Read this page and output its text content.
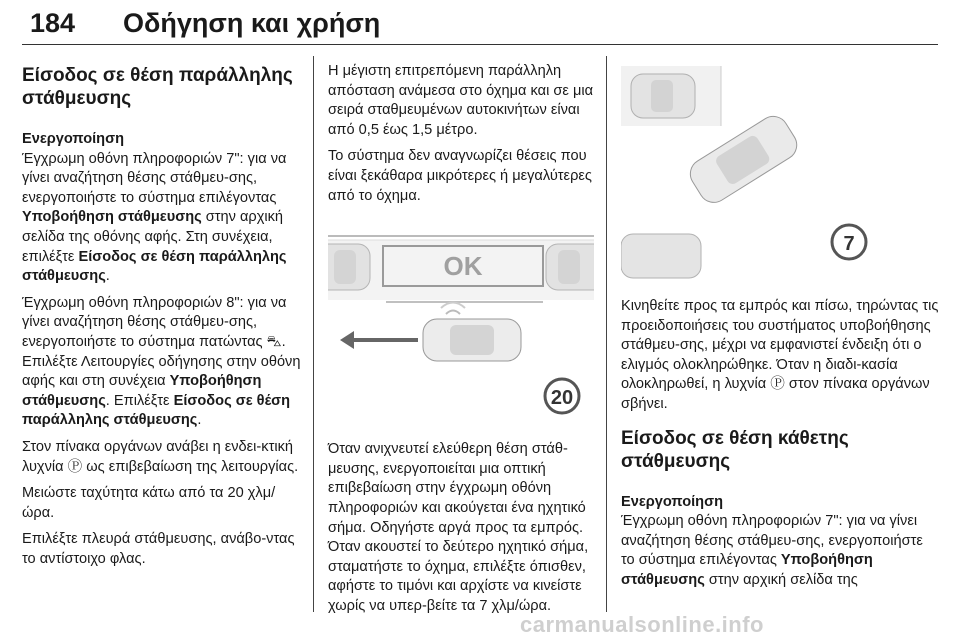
184 Οδήγηση και χρήση
Είσοδος σε θέση παράλληλης στάθμευσης
Ενεργοποίηση

Έγχρωμη οθόνη πληροφοριών 7": για να γίνει αναζήτηση θέσης στάθμευ-σης, ενεργοποιήστε το σύστημα επιλέγοντας Υποβοήθηση στάθμευσης στην αρχική σελίδα της οθόνης αφής. Στη συνέχεια, επιλέξτε Είσοδος σε θέση παράλληλης στάθμευσης.

Έγχρωμη οθόνη πληροφοριών 8": για να γίνει αναζήτηση θέσης στάθμευ-σης, ενεργοποιήστε το σύστημα πατώντας ⛍. Επιλέξτε Λειτουργίες οδήγησης στην οθόνη αφής και στη συνέχεια Υποβοήθηση στάθμευσης. Επιλέξτε Είσοδος σε θέση παράλληλης στάθμευσης.

Στον πίνακα οργάνων ανάβει η ενδει-κτική λυχνία Ⓟ ως επιβεβαίωση της λειτουργίας.

Μειώστε ταχύτητα κάτω από τα 20 χλμ/ώρα.

Επιλέξτε πλευρά στάθμευσης, ανάβο-ντας το αντίστοιχο φλας.

Η μέγιστη επιτρεπόμενη παράλληλη απόσταση ανάμεσα στο όχημα και σε μια σειρά σταθμευμένων αυτοκινήτων είναι από 0,5 έως 1,5 μέτρο.

Το σύστημα δεν αναγνωρίζει θέσεις που είναι ξεκάθαρα μικρότερες ή μεγαλύτερες από το όχημα.

OK
20

Όταν ανιχνευτεί ελεύθερη θέση στάθ-μευσης, ενεργοποιείται μια οπτική επιβεβαίωση στην έγχρωμη οθόνη πληροφοριών και ακούγεται ένα ηχητικό σήμα. Οδηγήστε αργά προς τα εμπρός. Όταν ακουστεί το δεύτερο ηχητικό σήμα, σταματήστε το όχημα, επιλέξτε όπισθεν, αφήστε το τιμόνι και αρχίστε να κινείστε χωρίς να υπερ-βείτε τα 7 χλμ/ώρα.

7

Κινηθείτε προς τα εμπρός και πίσω, τηρώντας τις προειδοποιήσεις του συστήματος υποβοήθησης στάθμευ-σης, μέχρι να εμφανιστεί ένδειξη ότι ο ελιγμός ολοκληρώθηκε. Όταν η διαδι-κασία ολοκληρωθεί, η λυχνία Ⓟ στον πίνακα οργάνων σβήνει.

Είσοδος σε θέση κάθετης στάθμευσης
Ενεργοποίηση

Έγχρωμη οθόνη πληροφοριών 7": για να γίνει αναζήτηση θέσης στάθμευ-σης, ενεργοποιήστε το σύστημα επιλέγοντας Υποβοήθηση στάθμευσης στην αρχική σελίδα της

carmanualsonline.info
